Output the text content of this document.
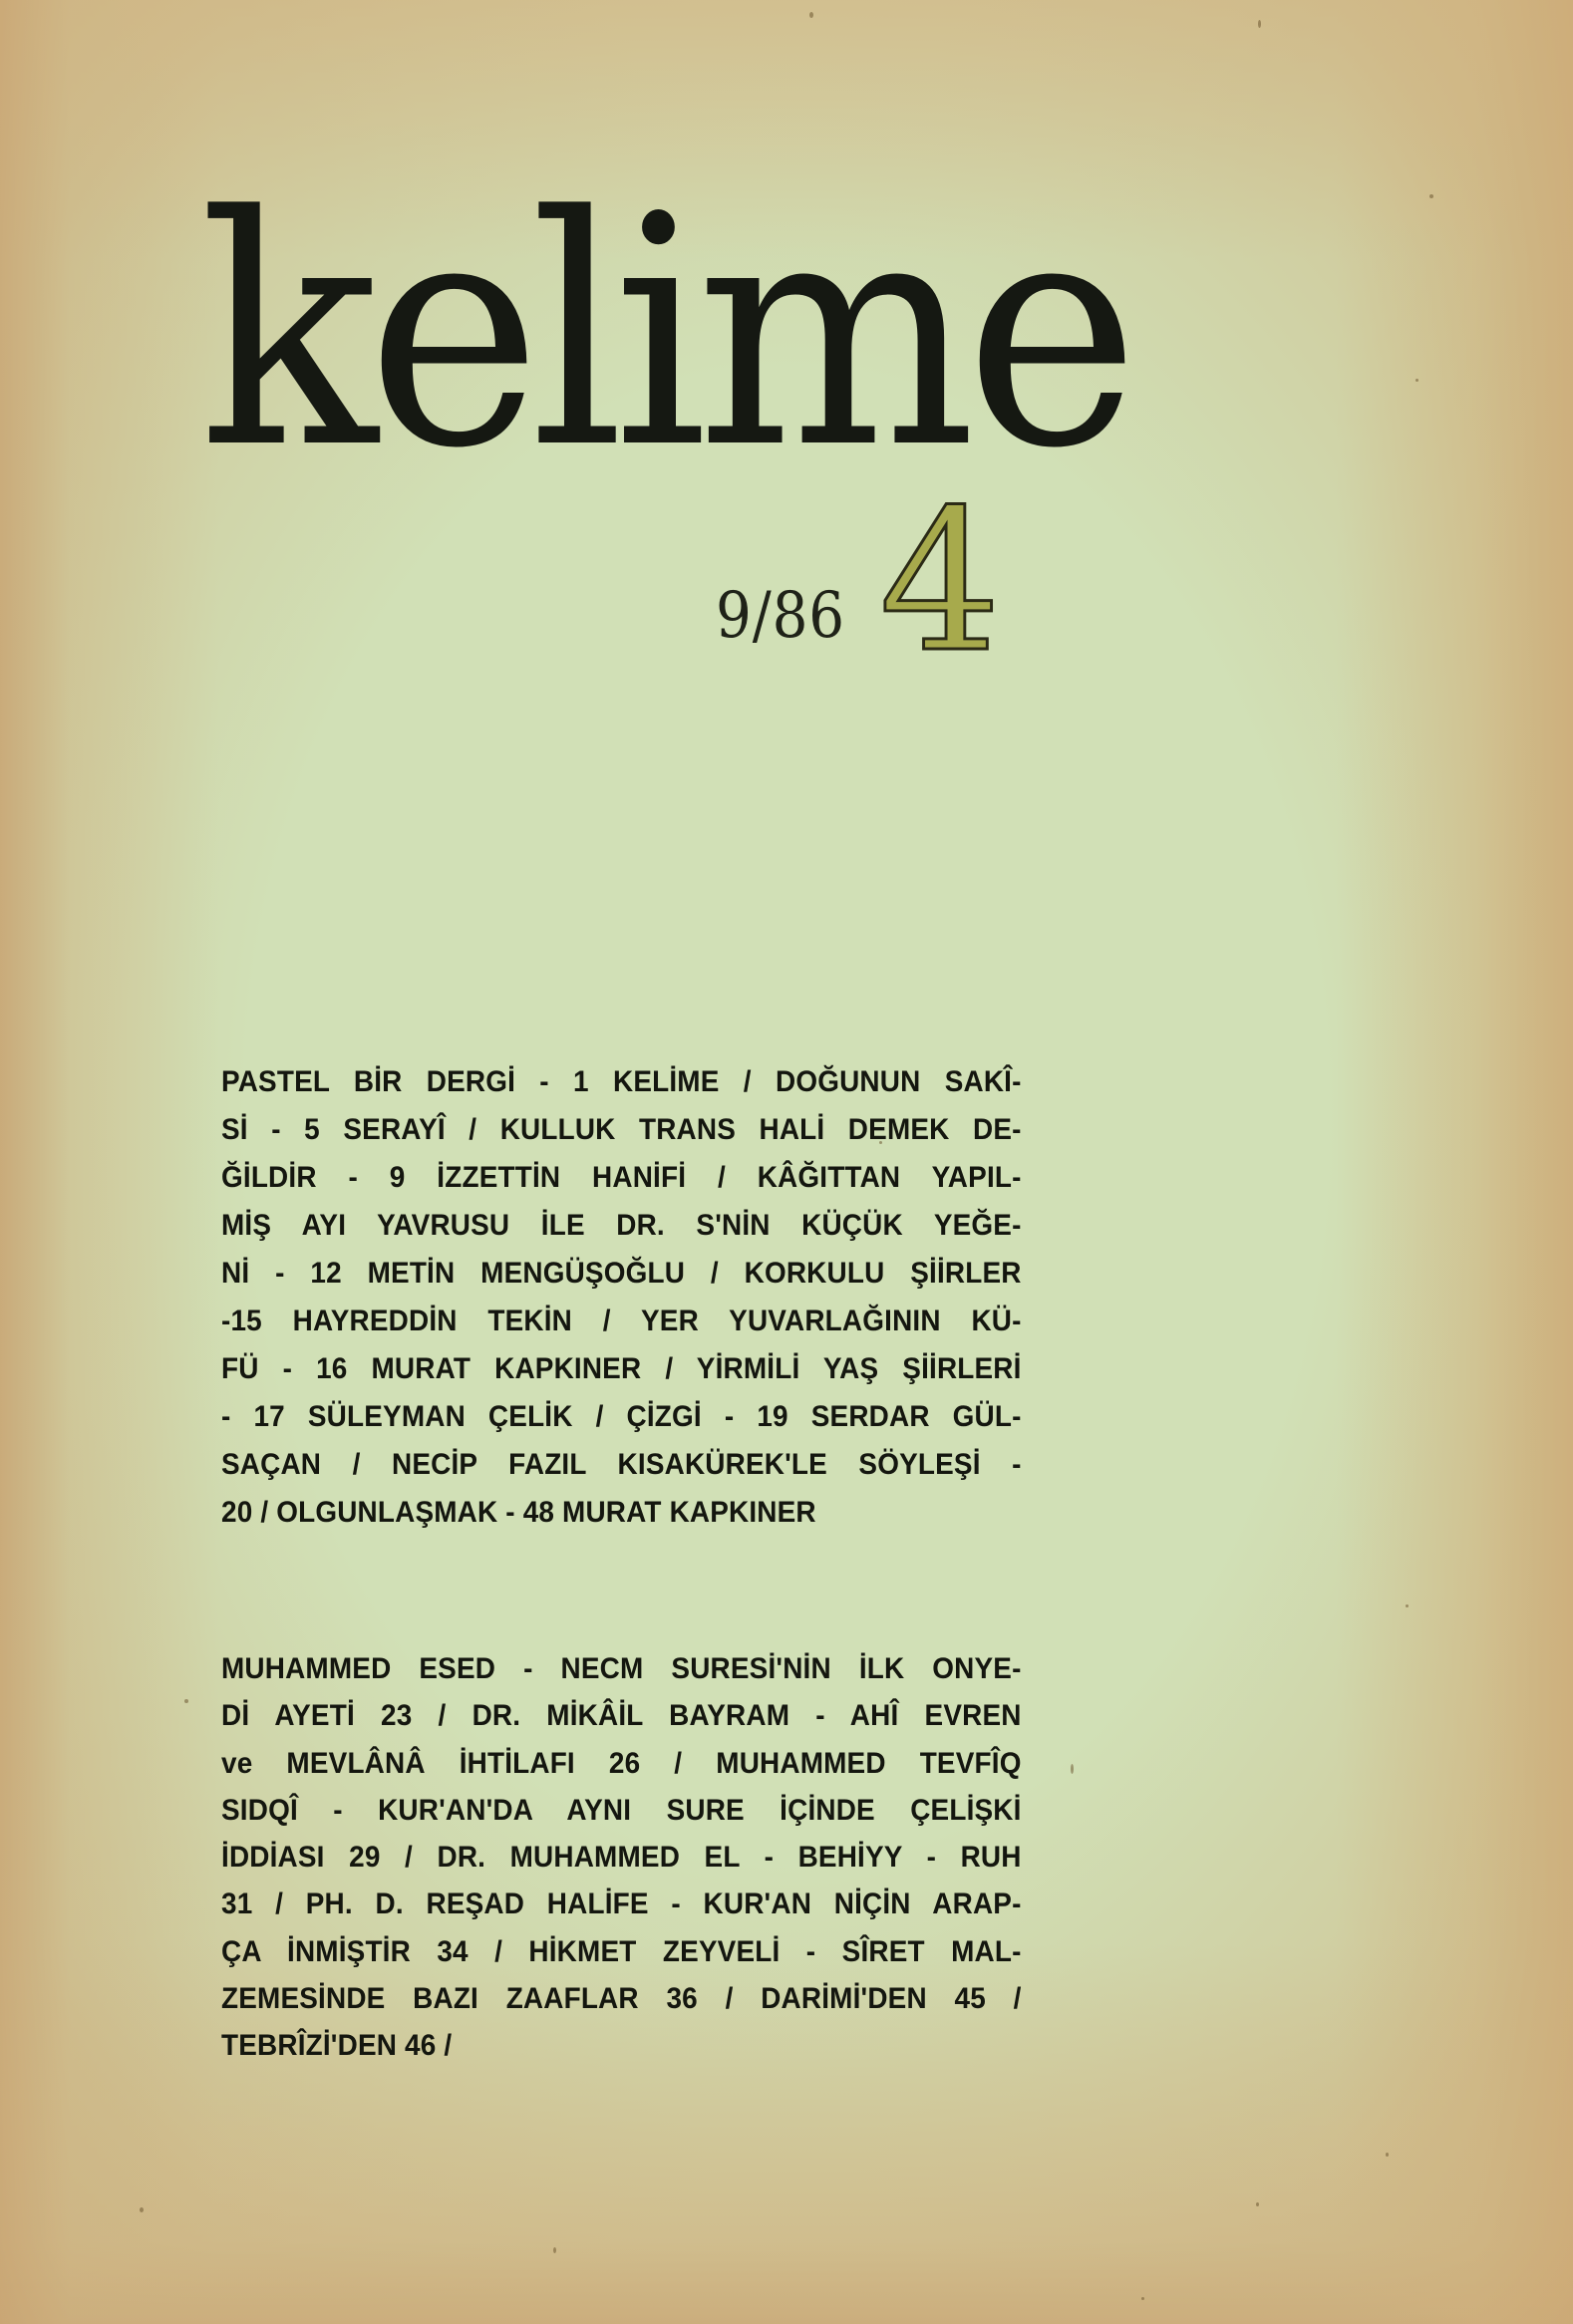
kelime
9/86 4
PASTEL BİR DERGİ - 1 KELİME / DOĞUNUN SAKÎ-
Sİ - 5 SERAYÎ / KULLUK TRANS HALİ DEMEK DE-
ĞİLDİR - 9 İZZETTİN HANİFİ / KÂĞITTAN YAPIL-
MİŞ AYI YAVRUSU İLE DR. S'NİN KÜÇÜK YEĞE-
Nİ - 12 METİN MENGÜŞOĞLU / KORKULU ŞİİRLER
-15 HAYREDDİN TEKİN / YER YUVARLAĞININ KÜ-
FÜ - 16 MURAT KAPKINER / YİRMİLİ YAŞ ŞİİRLERİ
- 17 SÜLEYMAN ÇELİK / ÇİZGİ - 19 SERDAR GÜL-
SAÇAN / NECİP FAZIL KISAKÜREK'LE SÖYLEŞİ -
20 / OLGUNLAŞMAK - 48 MURAT KAPKINER
MUHAMMED ESED - NECM SURESİ'NİN İLK ONYE-
Dİ AYETİ 23 / DR. MİKÂİL BAYRAM - AHÎ EVREN
ve MEVLÂNÂ İHTİLAFI 26 / MUHAMMED TEVFÎQ
SIDQÎ - KUR'AN'DA AYNI SURE İÇİNDE ÇELİŞKİ
İDDİASI 29 / DR. MUHAMMED EL - BEHİYY - RUH
31 / PH. D. REŞAD HALİFE - KUR'AN NİÇİN ARAP-
ÇA İNMİŞTİR 34 / HİKMET ZEYVELİ - SÎRET MAL-
ZEMESİNDE BAZI ZAAFLAR 36 / DARİMİ'DEN 45 /
TEBRÎZİ'DEN 46 /
